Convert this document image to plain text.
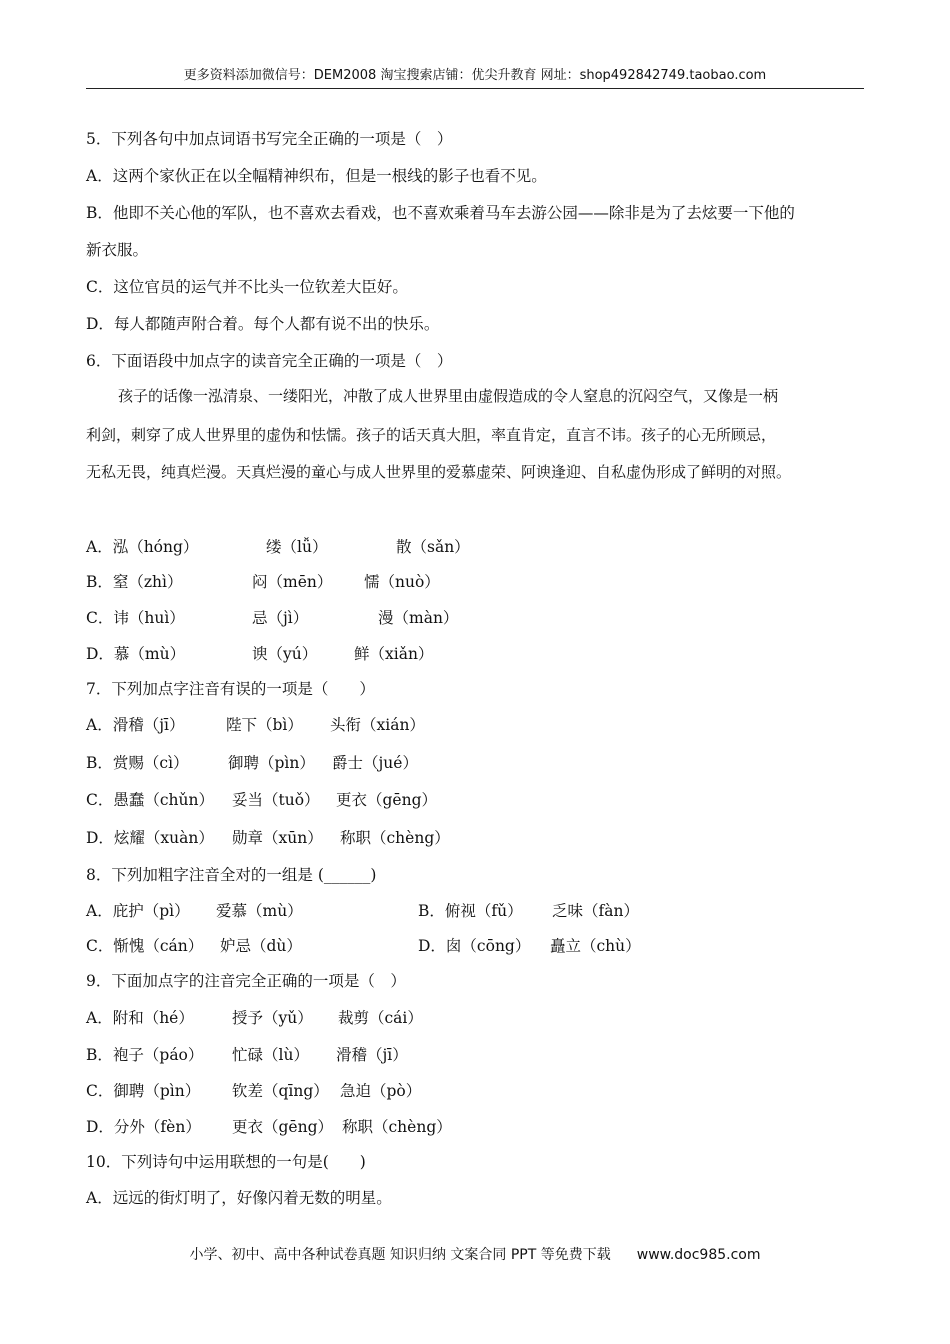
更多资料添加微信号：DEM2008 淘宝搜索店铺：优尖升教育 网址：shop492842749.taobao.com
5．下列各句中加点词语书写完全正确的一项是（　）
A．这两个家伙正在以全幅精神织布，但是一根线的影子也看不见。
B．他即不关心他的军队，也不喜欢去看戏，也不喜欢乘着马车去游公园——除非是为了去炫要一下他的
新衣服。
C．这位官员的运气并不比头一位钦差大臣好。
D．每人都随声附合着。每个人都有说不出的快乐。
6．下面语段中加点字的读音完全正确的一项是（　）
孩子的话像一泓清泉、一缕阳光，冲散了成人世界里由虚假造成的令人窒息的沉闷空气，又像是一柄
利剑，刺穿了成人世界里的虚伪和怯懦。孩子的话天真大胆，率直肯定，直言不讳。孩子的心无所顾忌，
无私无畏，纯真烂漫。天真烂漫的童心与成人世界里的爱慕虚荣、阿谀逢迎、自私虚伪形成了鲜明的对照。
A．泓（hóng）	缕（lǚ）	散（sǎn）
B．窒（zhì）	闷（mēn） 懦（nuò）
C．讳（huì）	忌（jì）	漫（màn）
D．慕（mù）	谀（yú） 鲜（xiǎn）
7．下列加点字注音有误的一项是（　　）
A．滑稽（jī）	陛下（bì） 头衔（xián）
B．赏赐（cì）	御聘（pìn） 爵士（jué）
C．愚蠢（chǔn） 妥当（tuǒ） 更衣（gēng）
D．炫耀（xuàn） 勋章（xūn） 称职（chèng）
8．下列加粗字注音全对的一组是 (______)
A．庇护（pì） 爱慕（mù）	B．俯视（fǔ） 乏味（fàn）
C．惭愧（cán） 妒忌（dù）	D．囱（cōng） 矗立（chù）
9．下面加点字的注音完全正确的一项是（　）
A．附和（hé） 授予（yǔ） 裁剪（cái）
B．袍子（páo） 忙碌（lù） 滑稽（jī）
C．御聘（pìn） 钦差（qīng） 急迫（pò）
D．分外（fèn） 更衣（gēng） 称职（chèng）
10．下列诗句中运用联想的一句是(　　)
A．远远的街灯明了，好像闪着无数的明星。
小学、初中、高中各种试卷真题 知识归纳 文案合同 PPT 等免费下载 www.doc985.com
